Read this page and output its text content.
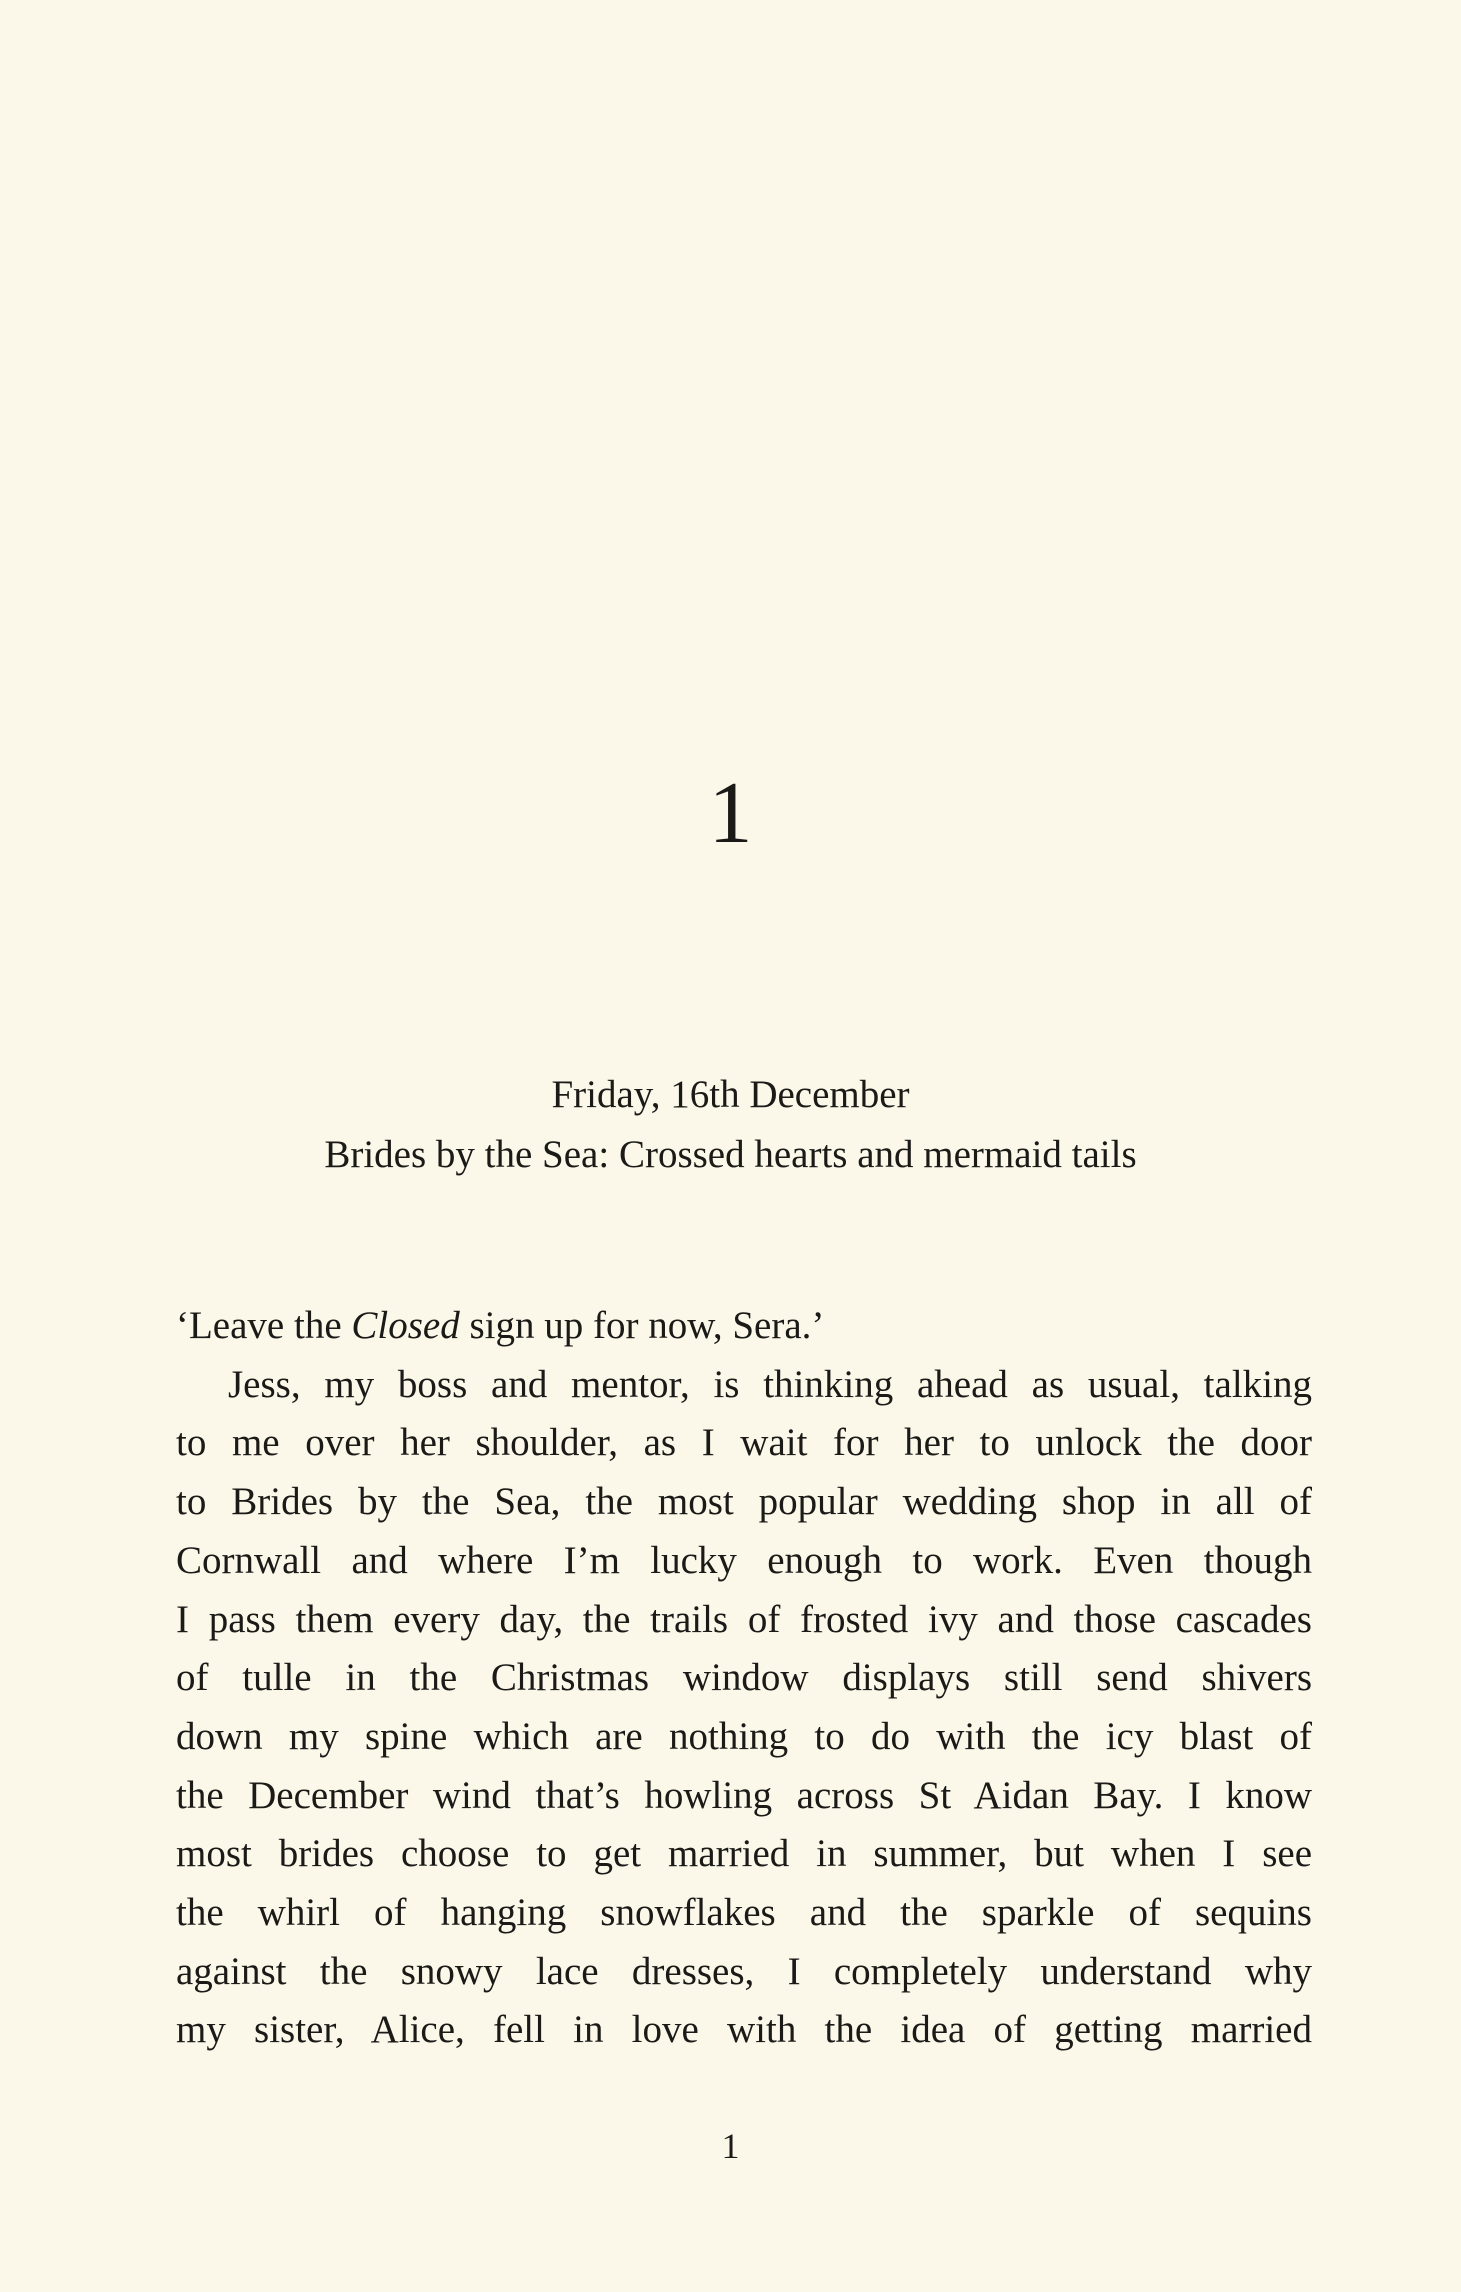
1
Friday, 16th December
Brides by the Sea: Crossed hearts and mermaid tails

‘Leave the Closed sign up for now, Sera.’

Jess, my boss and mentor, is thinking ahead as usual, talking
to me over her shoulder, as I wait for her to unlock the door
to Brides by the Sea, the most popular wedding shop in all of
Cornwall and where I’m lucky enough to work. Even though
I pass them every day, the trails of frosted ivy and those cascades
of tulle in the Christmas window displays still send shivers
down my spine which are nothing to do with the icy blast of
the December wind that’s howling across St Aidan Bay. I know
most brides choose to get married in summer, but when I see
the whirl of hanging snowflakes and the sparkle of sequins
against the snowy lace dresses, I completely understand why
my sister, Alice, fell in love with the idea of getting married

1
